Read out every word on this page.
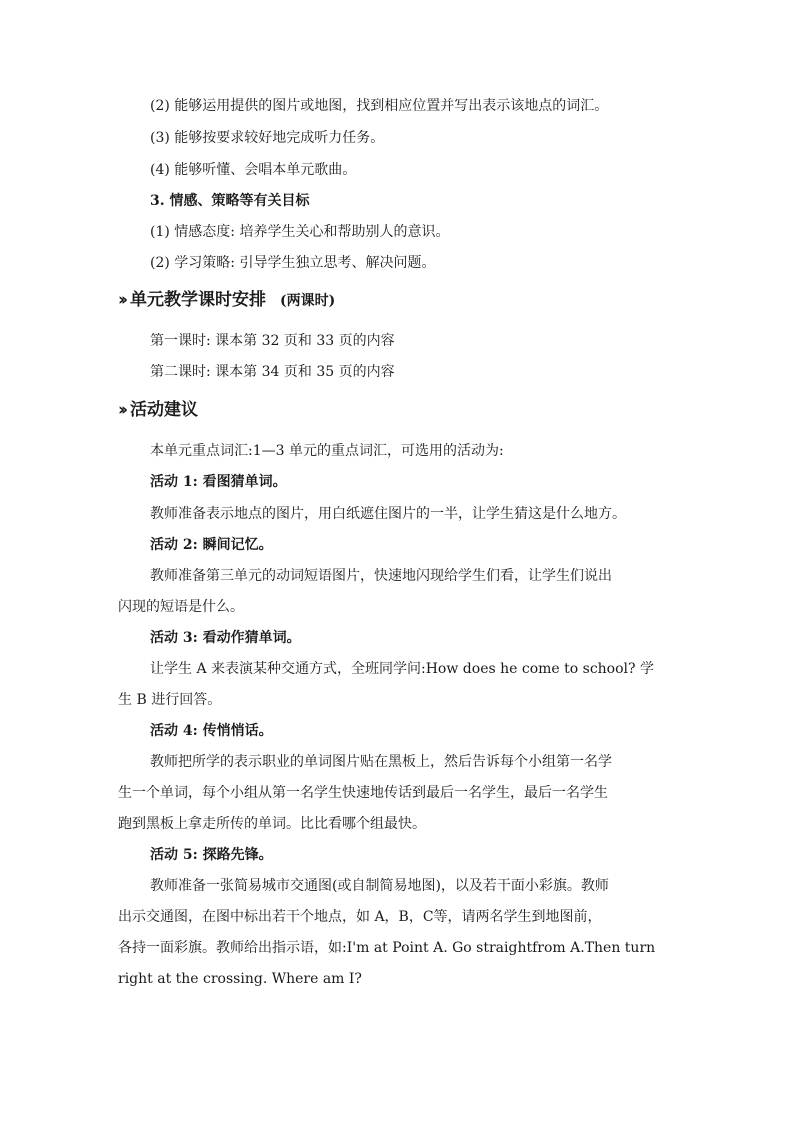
(2) 能够运用提供的图片或地图，找到相应位置并写出表示该地点的词汇。
(3) 能够按要求较好地完成听力任务。
(4) 能够听懂、会唱本单元歌曲。
3. 情感、策略等有关目标
(1) 情感态度: 培养学生关心和帮助别人的意识。
(2) 学习策略: 引导学生独立思考、解决问题。
›› 单元教学课时安排 (两课时)
第一课时: 课本第 32 页和 33 页的内容
第二课时: 课本第 34 页和 35 页的内容
›› 活动建议
本单元重点词汇:1—3 单元的重点词汇，可选用的活动为:
活动 1: 看图猜单词。
教师准备表示地点的图片，用白纸遮住图片的一半，让学生猜这是什么地方。
活动 2: 瞬间记忆。
教师准备第三单元的动词短语图片，快速地闪现给学生们看，让学生们说出
闪现的短语是什么。
活动 3: 看动作猜单词。
让学生 A 来表演某种交通方式，全班同学问:How does he come to school? 学
生 B 进行回答。
活动 4: 传悄悄话。
教师把所学的表示职业的单词图片贴在黑板上，然后告诉每个小组第一名学
生一个单词，每个小组从第一名学生快速地传话到最后一名学生，最后一名学生
跑到黑板上拿走所传的单词。比比看哪个组最快。
活动 5: 探路先锋。
教师准备一张简易城市交通图(或自制简易地图)，以及若干面小彩旗。教师
出示交通图，在图中标出若干个地点，如 A，B，C等，请两名学生到地图前，
各持一面彩旗。教师给出指示语，如:I'm at Point A. Go straightfrom A.Then turn
right at the crossing. Where am I?
